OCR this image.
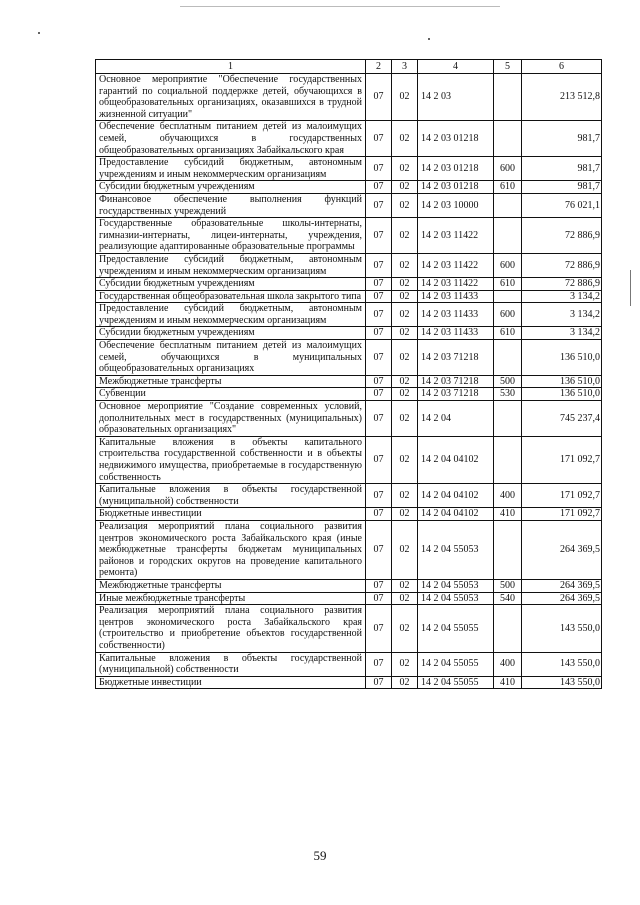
1	2	3	4	5	6
Основное мероприятие "Обеспечение государственных гарантий по социальной поддержке детей, обучающихся в общеобразовательных организациях, оказавшихся в трудной жизненной ситуации"	07	02	14 2 03		213 512,8
Обеспечение бесплатным питанием детей из малоимущих семей, обучающихся в государственных общеобразовательных организациях Забайкальского края	07	02	14 2 03 01218		981,7
Предоставление субсидий бюджетным, автономным учреждениям и иным некоммерческим организациям	07	02	14 2 03 01218	600	981,7
Субсидии бюджетным учреждениям	07	02	14 2 03 01218	610	981,7
Финансовое обеспечение выполнения функций государственных учреждений	07	02	14 2 03 10000		76 021,1
Государственные образовательные школы-интернаты, гимназии-интернаты, лицеи-интернаты, учреждения, реализующие адаптированные образовательные программы	07	02	14 2 03 11422		72 886,9
Предоставление субсидий бюджетным, автономным учреждениям и иным некоммерческим организациям	07	02	14 2 03 11422	600	72 886,9
Субсидии бюджетным учреждениям	07	02	14 2 03 11422	610	72 886,9
Государственная общеобразовательная школа закрытого типа	07	02	14 2 03 11433		3 134,2
Предоставление субсидий бюджетным, автономным учреждениям и иным некоммерческим организациям	07	02	14 2 03 11433	600	3 134,2
Субсидии бюджетным учреждениям	07	02	14 2 03 11433	610	3 134,2
Обеспечение бесплатным питанием детей из малоимущих семей, обучающихся в муниципальных общеобразовательных организациях	07	02	14 2 03 71218		136 510,0
Межбюджетные трансферты	07	02	14 2 03 71218	500	136 510,0
Субвенции	07	02	14 2 03 71218	530	136 510,0
Основное мероприятие "Создание современных условий, дополнительных мест в государственных (муниципальных) образовательных организациях"	07	02	14 2 04		745 237,4
Капитальные вложения в объекты капитального строительства государственной собственности и в объекты недвижимого имущества, приобретаемые в государственную собственность	07	02	14 2 04 04102		171 092,7
Капитальные вложения в объекты государственной (муниципальной) собственности	07	02	14 2 04 04102	400	171 092,7
Бюджетные инвестиции	07	02	14 2 04 04102	410	171 092,7
Реализация мероприятий плана социального развития центров экономического роста Забайкальского края (иные межбюджетные трансферты бюджетам муниципальных районов и городских округов на проведение капитального ремонта)	07	02	14 2 04 55053		264 369,5
Межбюджетные трансферты	07	02	14 2 04 55053	500	264 369,5
Иные межбюджетные трансферты	07	02	14 2 04 55053	540	264 369,5
Реализация мероприятий плана социального развития центров экономического роста Забайкальского края (строительство и приобретение объектов государственной собственности)	07	02	14 2 04 55055		143 550,0
Капитальные вложения в объекты государственной (муниципальной) собственности	07	02	14 2 04 55055	400	143 550,0
Бюджетные инвестиции	07	02	14 2 04 55055	410	143 550,0
59
